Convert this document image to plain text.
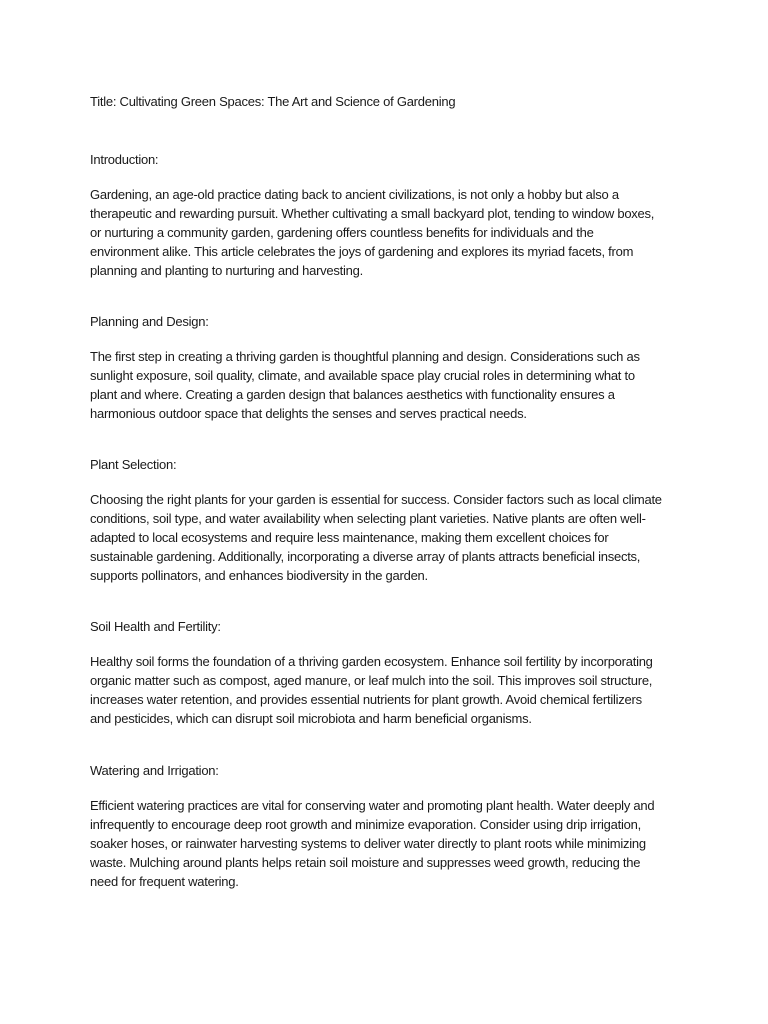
Title: Cultivating Green Spaces: The Art and Science of Gardening

Introduction:

Gardening, an age-old practice dating back to ancient civilizations, is not only a hobby but also a

therapeutic and rewarding pursuit. Whether cultivating a small backyard plot, tending to window boxes,

or nurturing a community garden, gardening offers countless benefits for individuals and the

environment alike. This article celebrates the joys of gardening and explores its myriad facets, from

planning and planting to nurturing and harvesting.

Planning and Design:

The first step in creating a thriving garden is thoughtful planning and design. Considerations such as

sunlight exposure, soil quality, climate, and available space play crucial roles in determining what to

plant and where. Creating a garden design that balances aesthetics with functionality ensures a

harmonious outdoor space that delights the senses and serves practical needs.

Plant Selection:

Choosing the right plants for your garden is essential for success. Consider factors such as local climate

conditions, soil type, and water availability when selecting plant varieties. Native plants are often well-

adapted to local ecosystems and require less maintenance, making them excellent choices for

sustainable gardening. Additionally, incorporating a diverse array of plants attracts beneficial insects,

supports pollinators, and enhances biodiversity in the garden.

Soil Health and Fertility:

Healthy soil forms the foundation of a thriving garden ecosystem. Enhance soil fertility by incorporating

organic matter such as compost, aged manure, or leaf mulch into the soil. This improves soil structure,

increases water retention, and provides essential nutrients for plant growth. Avoid chemical fertilizers

and pesticides, which can disrupt soil microbiota and harm beneficial organisms.

Watering and Irrigation:

Efficient watering practices are vital for conserving water and promoting plant health. Water deeply and

infrequently to encourage deep root growth and minimize evaporation. Consider using drip irrigation,

soaker hoses, or rainwater harvesting systems to deliver water directly to plant roots while minimizing

waste. Mulching around plants helps retain soil moisture and suppresses weed growth, reducing the

need for frequent watering.
